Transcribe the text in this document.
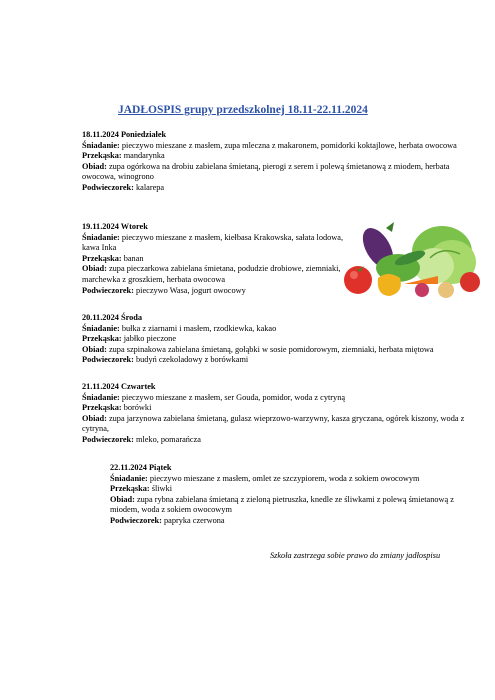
JADŁOSPIS grupy przedszkolnej 18.11-22.11.2024
18.11.2024 Poniedziałek
Śniadanie: pieczywo mieszane z masłem, zupa mleczna z makaronem, pomidorki koktajlowe, herbata owocowa
Przekąska: mandarynka
Obiad: zupa ogórkowa na drobiu zabielana śmietaną, pierogi z serem i polewą śmietanową z miodem, herbata owocowa, winogrono
Podwieczorek: kalarepa
19.11.2024 Wtorek
Śniadanie: pieczywo mieszane z masłem, kiełbasa Krakowska, sałata lodowa, kawa Inka
Przekąska: banan
Obiad: zupa pieczarkowa zabielana śmietana, podudzie drobiowe, ziemniaki, marchewka z groszkiem, herbata owocowa
Podwieczorek: pieczywo Wasa, jogurt owocowy
20.11.2024 Środa
Śniadanie: bułka z ziarnami i masłem, rzodkiewka, kakao
Przekąska: jabłko pieczone
Obiad: zupa szpinakowa zabielana śmietaną, gołąbki w sosie pomidorowym, ziemniaki, herbata miętowa
Podwieczorek: budyń czekoladowy z borówkami
21.11.2024 Czwartek
Śniadanie: pieczywo mieszane z masłem, ser Gouda, pomidor, woda z cytryną
Przekąska: borówki
Obiad: zupa jarzynowa zabielana śmietaną, gulasz wieprzowo-warzywny, kasza gryczana, ogórek kiszony, woda z cytryna,
Podwieczorek: mleko, pomarańcza
22.11.2024 Piątek
Śniadanie: pieczywo mieszane z masłem, omlet ze szczypiorem, woda z sokiem owocowym
Przekąska: śliwki
Obiad: zupa rybna zabielana śmietaną z zieloną pietruszka, knedle ze śliwkami z polewą śmietanową z miodem, woda z sokiem owocowym
Podwieczorek: papryka czerwona
Szkoła zastrzega sobie prawo do zmiany jadłospisu
